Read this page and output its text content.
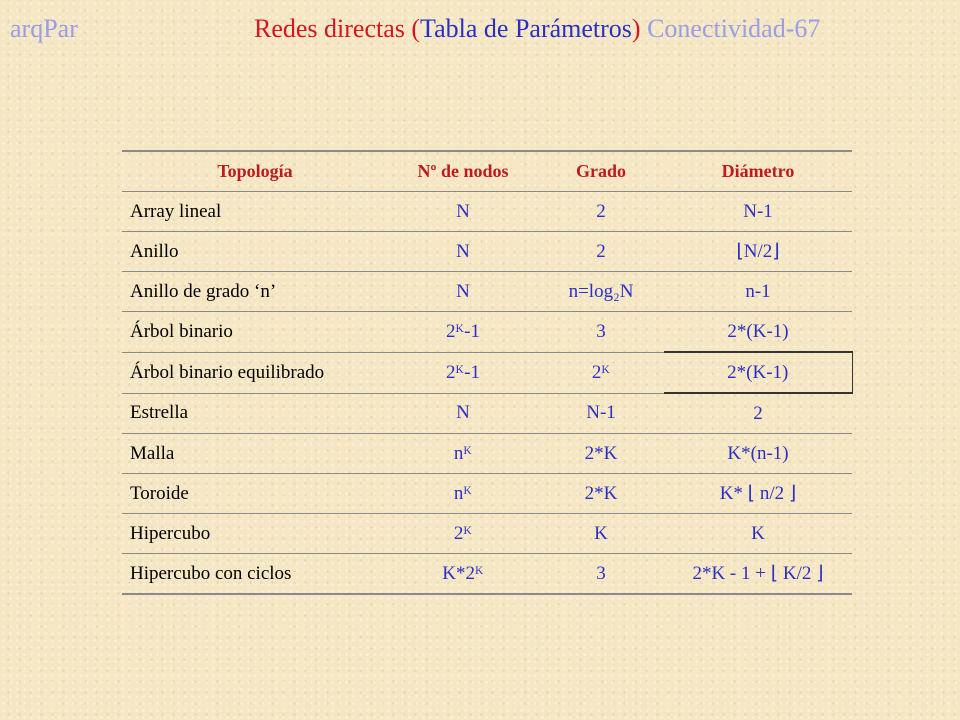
arqPar	Redes directas (Tabla de Parámetros) Conectividad-67
Topología	Nº de nodos	Grado	Diámetro
Array lineal	N	2	N-1
Anillo	N	2	⌊N/2⌋
Anillo de grado ‘n’	N	n=log₂N	n-1
Árbol binario	2ᴷ-1	3	2*(K-1)
Árbol binario equilibrado	2ᴷ-1	2ᴷ	2*(K-1)
Estrella	N	N-1	2
Malla	nᴷ	2*K	K*(n-1)
Toroide	nᴷ	2*K	K* ⌊ n/2 ⌋
Hipercubo	2ᴷ	K	K
Hipercubo con ciclos	K*2ᴷ	3	2*K - 1 + ⌊ K/2 ⌋
